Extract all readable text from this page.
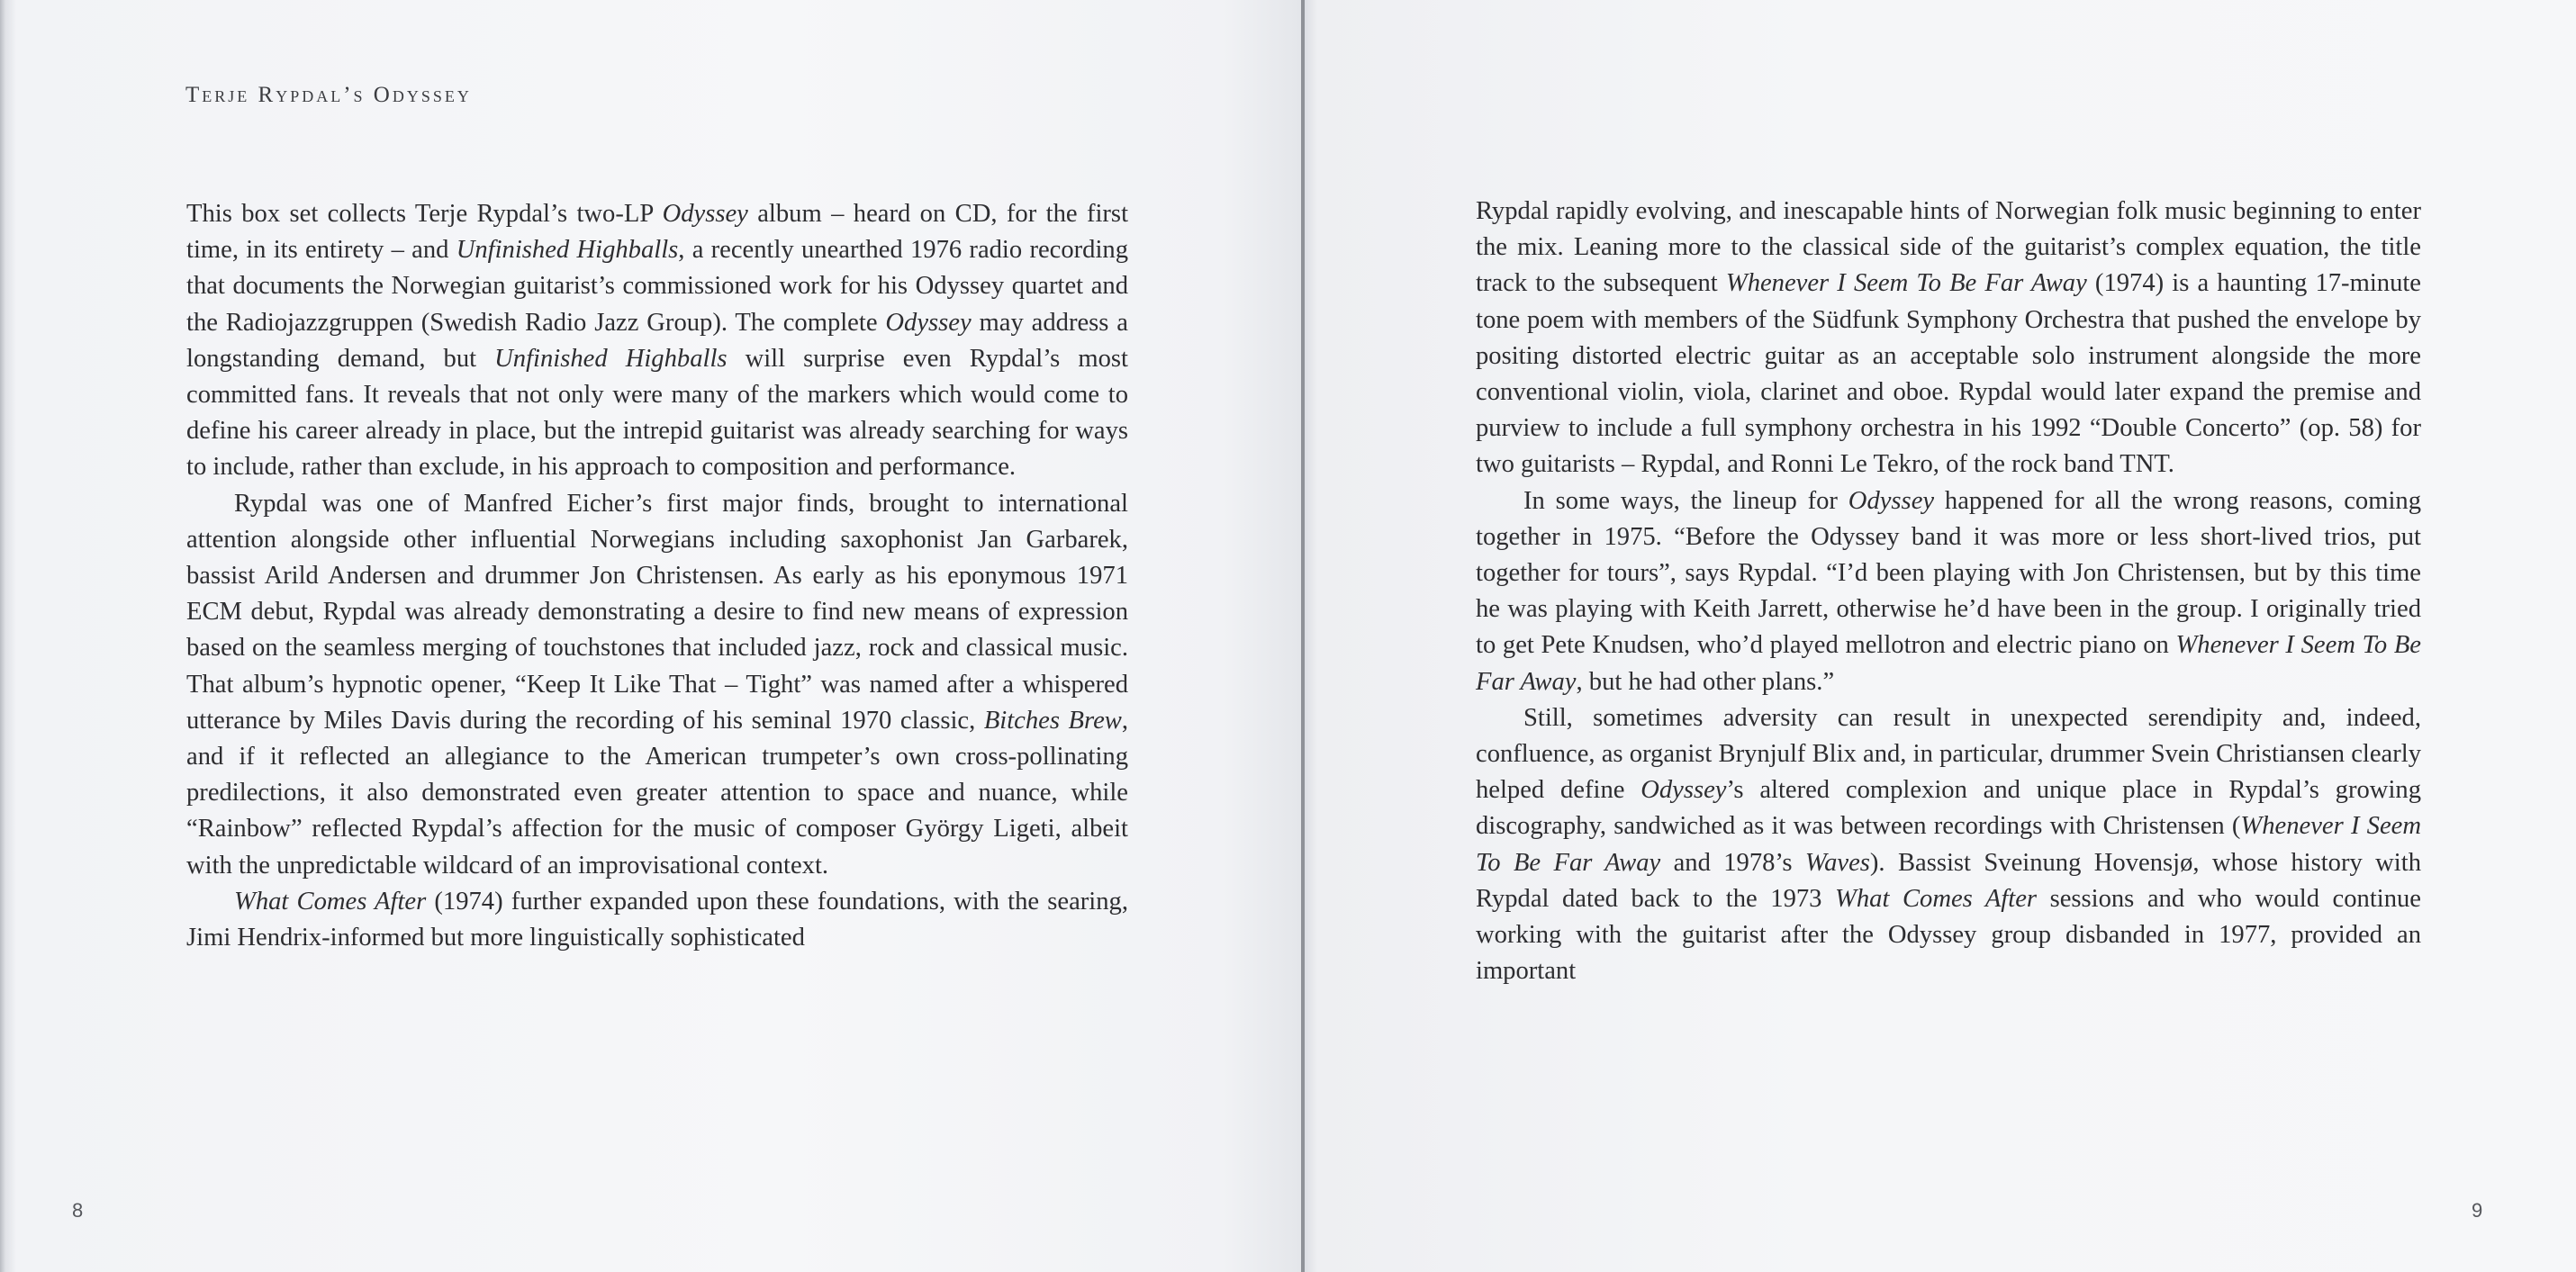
Terje Rypdal’s Odyssey

This box set collects Terje Rypdal’s two-LP Odyssey album – heard on CD, for the first time, in its entirety – and Unfinished Highballs, a recently unearthed 1976 radio recording that documents the Norwegian guitarist’s commissioned work for his Odyssey quartet and the Radiojazzgruppen (Swedish Radio Jazz Group). The complete Odyssey may address a longstanding demand, but Unfinished Highballs will surprise even Rypdal’s most committed fans. It reveals that not only were many of the markers which would come to define his career already in place, but the intrepid guitarist was already searching for ways to include, rather than exclude, in his approach to composition and performance.

Rypdal was one of Manfred Eicher’s first major finds, brought to international attention alongside other influential Norwegians including saxophonist Jan Garbarek, bassist Arild Andersen and drummer Jon Christensen. As early as his eponymous 1971 ECM debut, Rypdal was already demonstrating a desire to find new means of expression based on the seamless merging of touchstones that included jazz, rock and classical music. That album’s hypnotic opener, “Keep It Like That – Tight” was named after a whispered utterance by Miles Davis during the recording of his seminal 1970 classic, Bitches Brew, and if it reflected an allegiance to the American trumpeter’s own cross-pollinating predilections, it also demonstrated even greater attention to space and nuance, while “Rainbow” reflected Rypdal’s affection for the music of composer György Ligeti, albeit with the unpredictable wildcard of an improvisational context.

What Comes After (1974) further expanded upon these foundations, with the searing, Jimi Hendrix-informed but more linguistically sophisticated

8

Rypdal rapidly evolving, and inescapable hints of Norwegian folk music beginning to enter the mix. Leaning more to the classical side of the guitarist’s complex equation, the title track to the subsequent Whenever I Seem To Be Far Away (1974) is a haunting 17-minute tone poem with members of the Südfunk Symphony Orchestra that pushed the envelope by positing distorted electric guitar as an acceptable solo instrument alongside the more conventional violin, viola, clarinet and oboe. Rypdal would later expand the premise and purview to include a full symphony orchestra in his 1992 “Double Concerto” (op. 58) for two guitarists – Rypdal, and Ronni Le Tekro, of the rock band TNT.

In some ways, the lineup for Odyssey happened for all the wrong reasons, coming together in 1975. “Before the Odyssey band it was more or less short-lived trios, put together for tours”, says Rypdal. “I’d been playing with Jon Christensen, but by this time he was playing with Keith Jarrett, otherwise he’d have been in the group. I originally tried to get Pete Knudsen, who’d played mellotron and electric piano on Whenever I Seem To Be Far Away, but he had other plans.”

Still, sometimes adversity can result in unexpected serendipity and, indeed, confluence, as organist Brynjulf Blix and, in particular, drummer Svein Christiansen clearly helped define Odyssey’s altered complexion and unique place in Rypdal’s growing discography, sandwiched as it was between recordings with Christensen (Whenever I Seem To Be Far Away and 1978’s Waves). Bassist Sveinung Hovensjø, whose history with Rypdal dated back to the 1973 What Comes After sessions and who would continue working with the guitarist after the Odyssey group disbanded in 1977, provided an important

9
